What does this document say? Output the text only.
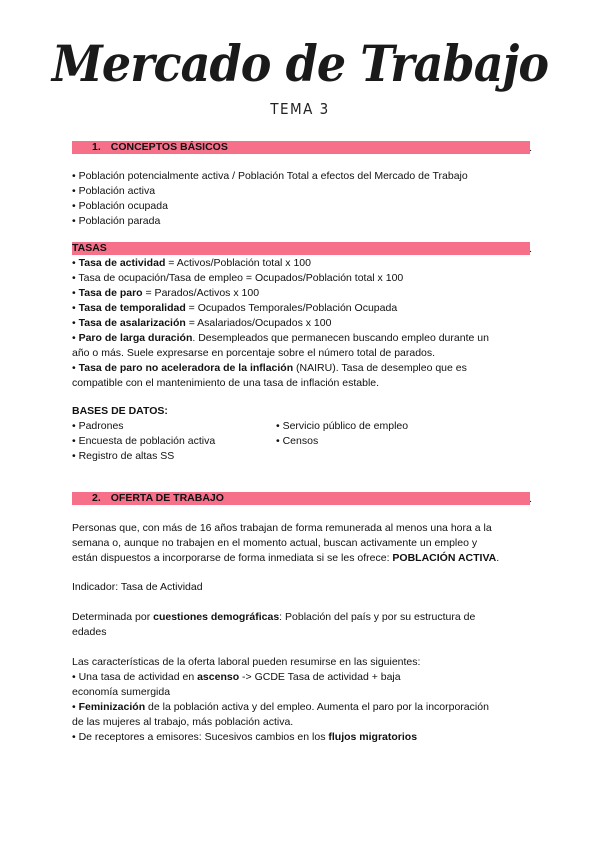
Mercado de Trabajo
TEMA 3
1. CONCEPTOS BÁSICOS	.
• Población potencialmente activa / Población Total a efectos del Mercado de Trabajo
• Población activa
• Población ocupada
• Población parada
TASAS	.
• Tasa de actividad = Activos/Población total x 100
• Tasa de ocupación/Tasa de empleo = Ocupados/Población total x 100
• Tasa de paro = Parados/Activos x 100
• Tasa de temporalidad = Ocupados Temporales/Población Ocupada
• Tasa de asalarización = Asalariados/Ocupados x 100
• Paro de larga duración. Desempleados que permanecen buscando empleo durante un
año o más. Suele expresarse en porcentaje sobre el número total de parados.
• Tasa de paro no aceleradora de la inflación (NAIRU). Tasa de desempleo que es
compatible con el mantenimiento de una tasa de inflación estable.
BASES DE DATOS:
• Padrones
• Encuesta de población activa
• Registro de altas SS
• Servicio público de empleo
• Censos
2. OFERTA DE TRABAJO	.
Personas que, con más de 16 años trabajan de forma remunerada al menos una hora a la
semana o, aunque no trabajen en el momento actual, buscan activamente un empleo y
están dispuestos a incorporarse de forma inmediata si se les ofrece: POBLACIÓN ACTIVA.
Indicador: Tasa de Actividad
Determinada por cuestiones demográficas: Población del país y por su estructura de
edades
Las características de la oferta laboral pueden resumirse en las siguientes:
• Una tasa de actividad en ascenso -> GCDE Tasa de actividad + baja
economía sumergida
• Feminización de la población activa y del empleo. Aumenta el paro por la incorporación
de las mujeres al trabajo, más población activa.
• De receptores a emisores: Sucesivos cambios en los flujos migratorios
